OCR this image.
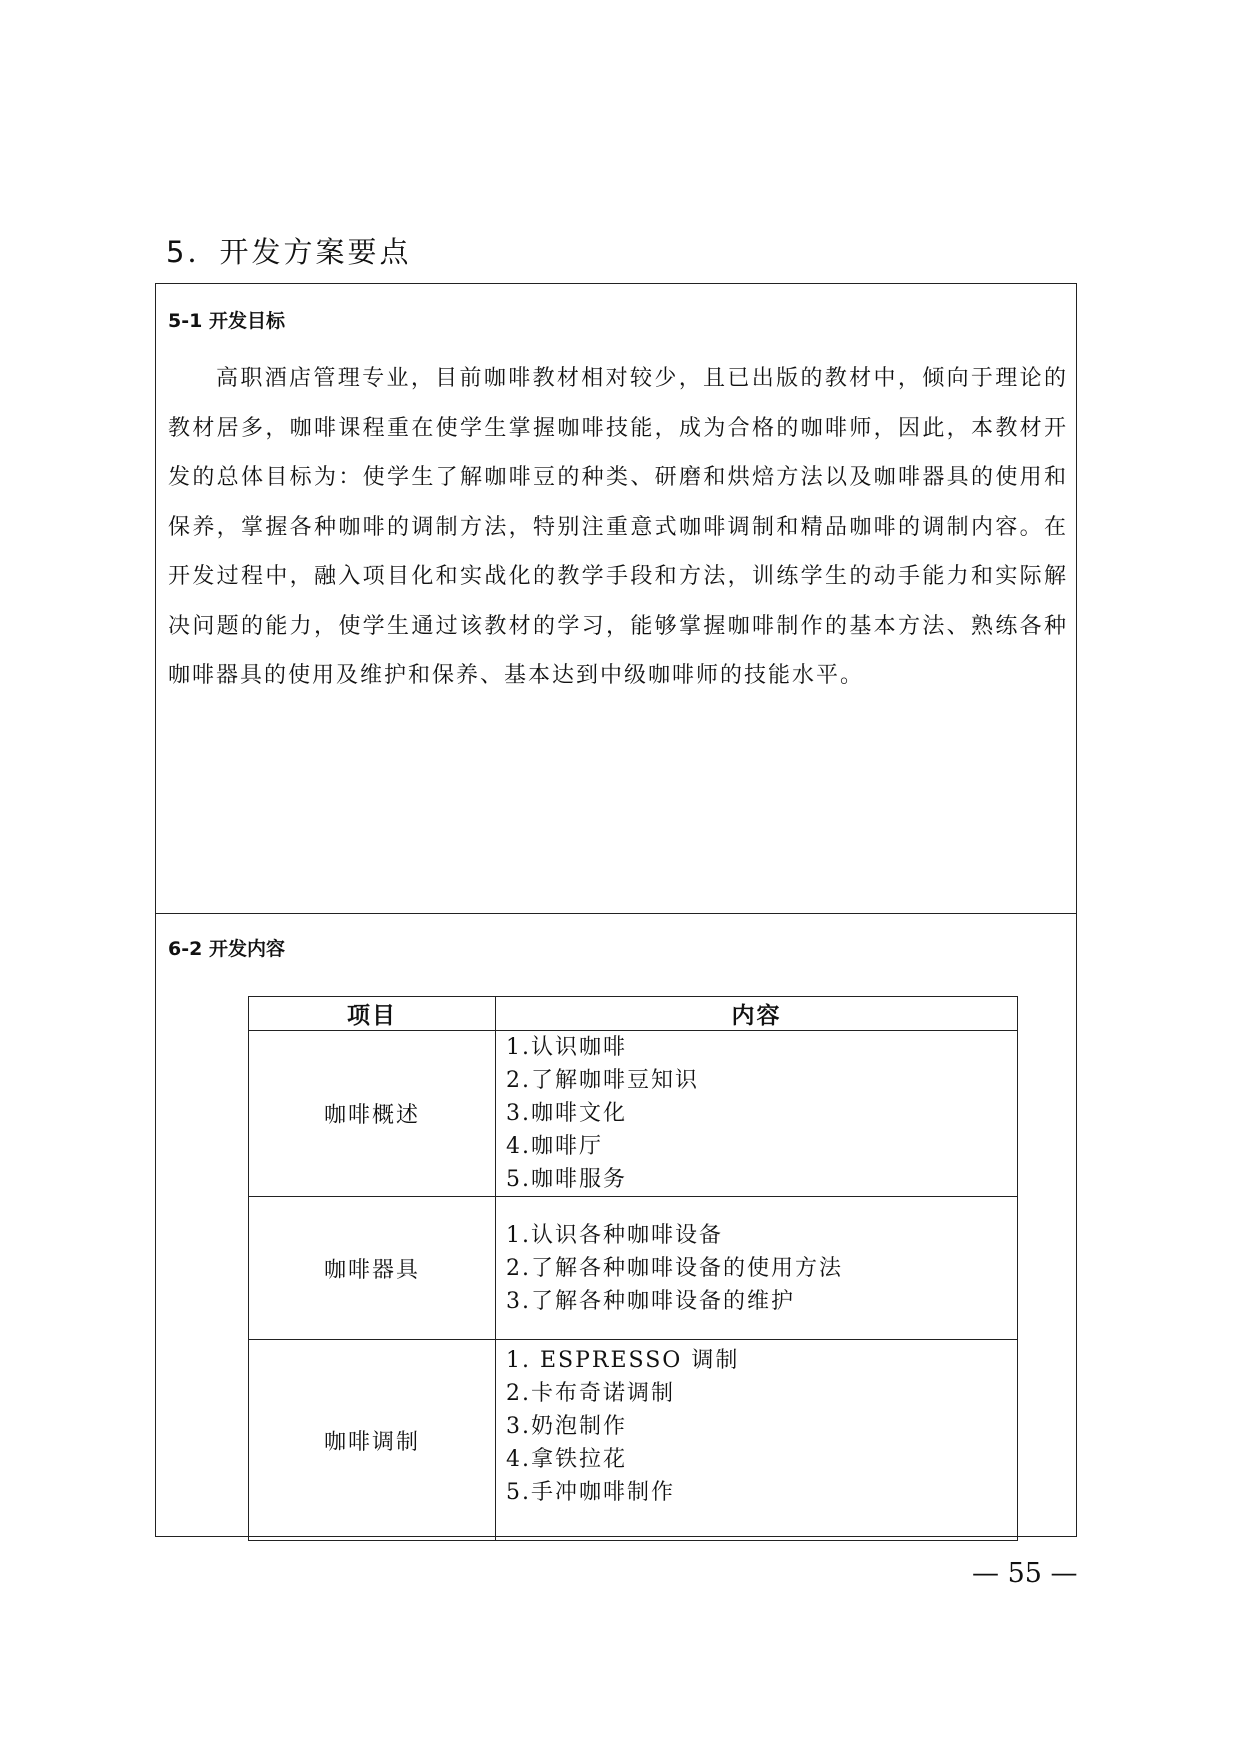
5．开发方案要点
5-1 开发目标

高职酒店管理专业，目前咖啡教材相对较少，且已出版的教材中，倾向于理论的教材居多，咖啡课程重在使学生掌握咖啡技能，成为合格的咖啡师，因此，本教材开发的总体目标为：使学生了解咖啡豆的种类、研磨和烘焙方法以及咖啡器具的使用和保养，掌握各种咖啡的调制方法，特别注重意式咖啡调制和精品咖啡的调制内容。在开发过程中，融入项目化和实战化的教学手段和方法，训练学生的动手能力和实际解决问题的能力，使学生通过该教材的学习，能够掌握咖啡制作的基本方法、熟练各种咖啡器具的使用及维护和保养、基本达到中级咖啡师的技能水平。

6-2 开发内容
项目	内容
咖啡概述	1.认识咖啡
2.了解咖啡豆知识
3.咖啡文化
4.咖啡厅
5.咖啡服务

咖啡器具	1.认识各种咖啡设备
2.了解各种咖啡设备的使用方法
3.了解各种咖啡设备的维护

咖啡调制	1. ESPRESSO 调制
2.卡布奇诺调制
3.奶泡制作
4.拿铁拉花
5.手冲咖啡制作
— 55 —
